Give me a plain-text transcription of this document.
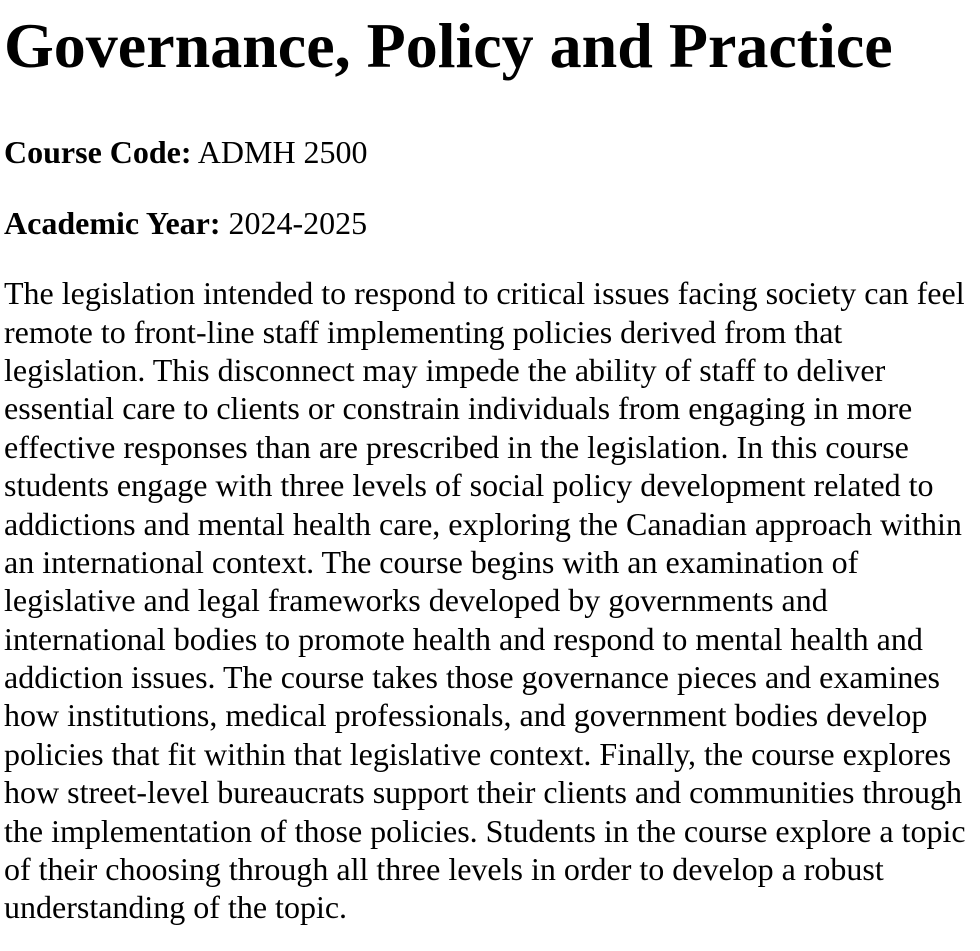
Governance, Policy and Practice

Course Code: ADMH 2500

Academic Year: 2024-2025

The legislation intended to respond to critical issues facing society can feel remote to front-line staff implementing policies derived from that legislation. This disconnect may impede the ability of staff to deliver essential care to clients or constrain individuals from engaging in more effective responses than are prescribed in the legislation. In this course students engage with three levels of social policy development related to addictions and mental health care, exploring the Canadian approach within an international context. The course begins with an examination of legislative and legal frameworks developed by governments and international bodies to promote health and respond to mental health and addiction issues. The course takes those governance pieces and examines how institutions, medical professionals, and government bodies develop policies that fit within that legislative context. Finally, the course explores how street-level bureaucrats support their clients and communities through the implementation of those policies. Students in the course explore a topic of their choosing through all three levels in order to develop a robust understanding of the topic.
